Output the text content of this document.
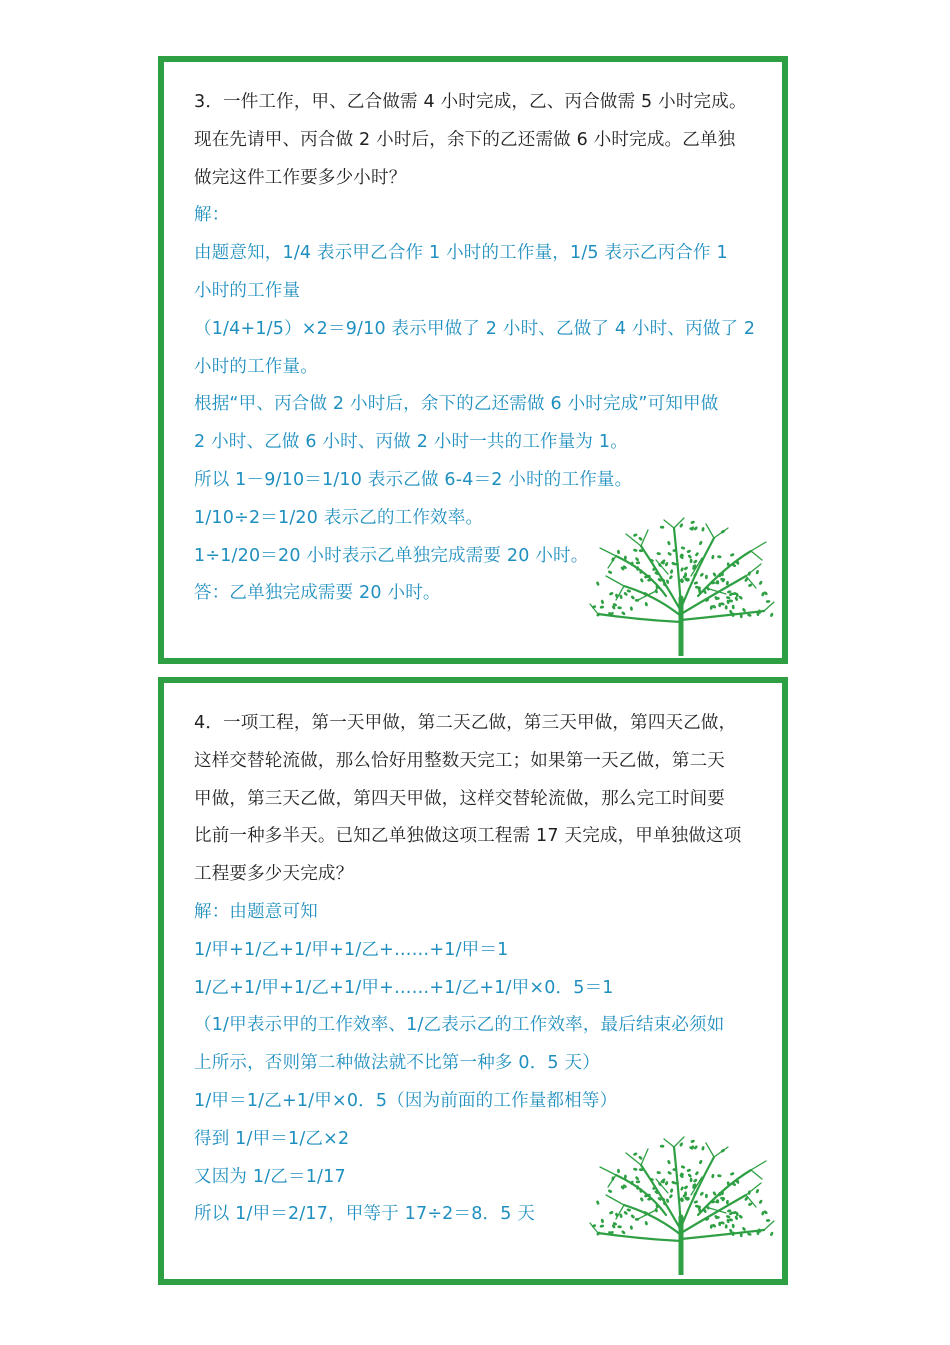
3．一件工作，甲、乙合做需 4 小时完成，乙、丙合做需 5 小时完成。
现在先请甲、丙合做 2 小时后，余下的乙还需做 6 小时完成。乙单独
做完这件工作要多少小时？
解：
由题意知，1/4 表示甲乙合作 1 小时的工作量，1/5 表示乙丙合作 1
小时的工作量
（1/4+1/5）×2＝9/10 表示甲做了 2 小时、乙做了 4 小时、丙做了 2
小时的工作量。
根据“甲、丙合做 2 小时后，余下的乙还需做 6 小时完成”可知甲做
2 小时、乙做 6 小时、丙做 2 小时一共的工作量为 1。
所以 1－9/10＝1/10 表示乙做 6-4＝2 小时的工作量。
1/10÷2＝1/20 表示乙的工作效率。
1÷1/20＝20 小时表示乙单独完成需要 20 小时。
答：乙单独完成需要 20 小时。
4．一项工程，第一天甲做，第二天乙做，第三天甲做，第四天乙做，
这样交替轮流做，那么恰好用整数天完工；如果第一天乙做，第二天
甲做，第三天乙做，第四天甲做，这样交替轮流做，那么完工时间要
比前一种多半天。已知乙单独做这项工程需 17 天完成，甲单独做这项
工程要多少天完成？
解：由题意可知
1/甲+1/乙+1/甲+1/乙+……+1/甲＝1
1/乙+1/甲+1/乙+1/甲+……+1/乙+1/甲×0．5＝1
（1/甲表示甲的工作效率、1/乙表示乙的工作效率，最后结束必须如
上所示，否则第二种做法就不比第一种多 0．5 天）
1/甲＝1/乙+1/甲×0．5（因为前面的工作量都相等）
得到 1/甲＝1/乙×2
又因为 1/乙＝1/17
所以 1/甲＝2/17，甲等于 17÷2＝8．5 天
